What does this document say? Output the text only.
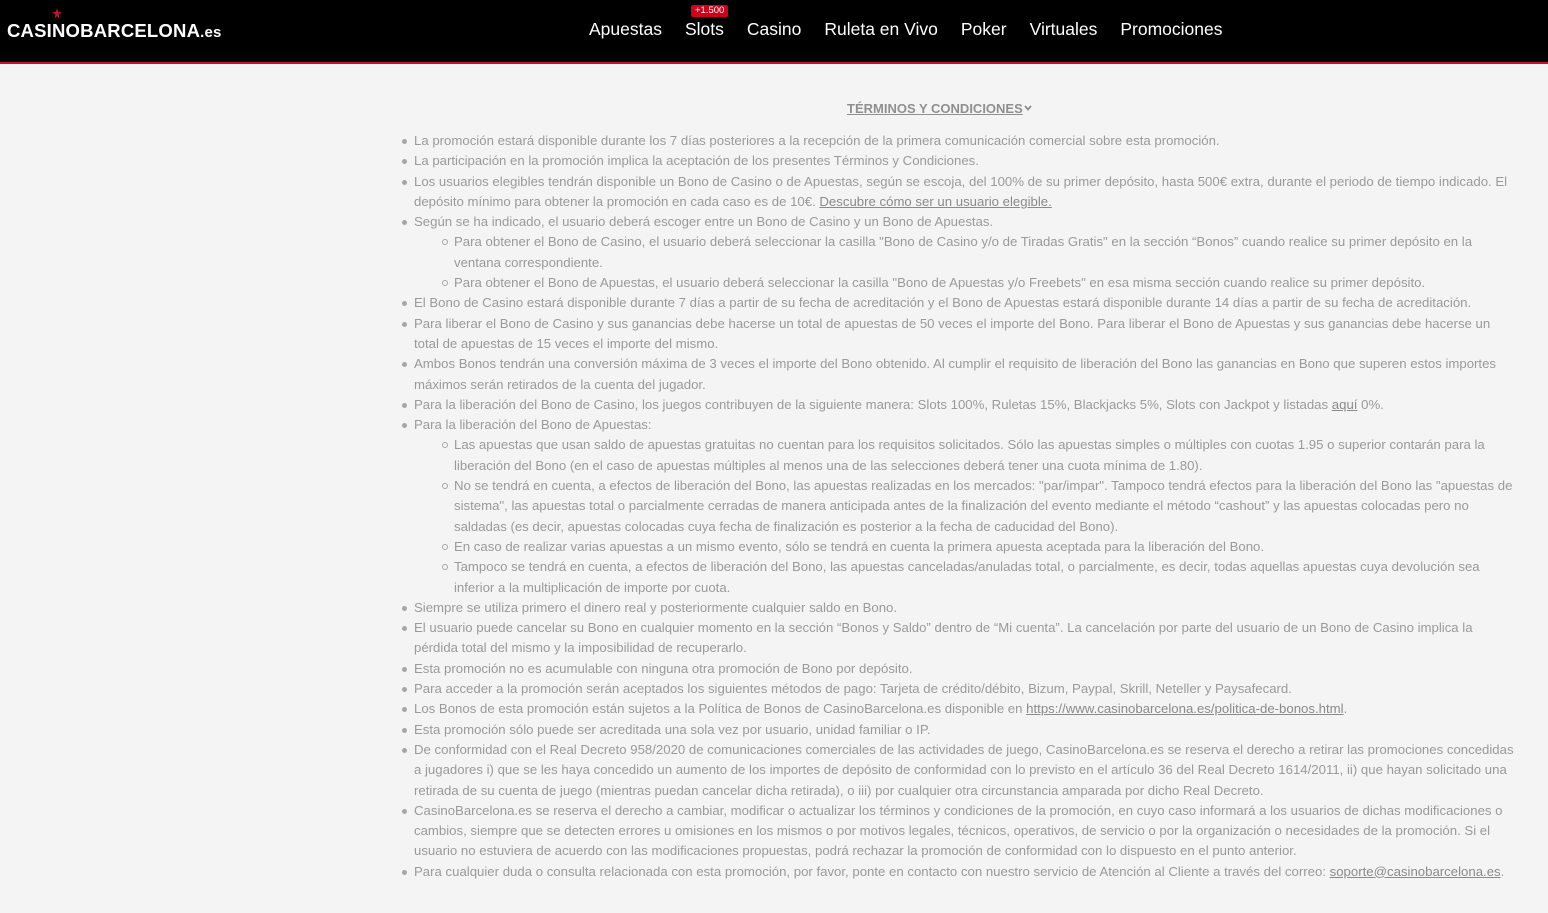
CASINOBARCELONA.es	Apuestas Slots
+1.500
Casino Ruleta en Vivo Poker Virtuales Promociones
TÉRMINOS Y CONDICIONES
La promoción estará disponible durante los 7 días posteriores a la recepción de la primera comunicación comercial sobre esta promoción.
La participación en la promoción implica la aceptación de los presentes Términos y Condiciones.
Los usuarios elegibles tendrán disponible un Bono de Casino o de Apuestas, según se escoja, del 100% de su primer depósito, hasta 500€ extra, durante el periodo de tiempo indicado. El depósito mínimo para obtener la promoción en cada caso es de 10€. Descubre cómo ser un usuario elegible.
Según se ha indicado, el usuario deberá escoger entre un Bono de Casino y un Bono de Apuestas.
Para obtener el Bono de Casino, el usuario deberá seleccionar la casilla "Bono de Casino y/o de Tiradas Gratis" en la sección “Bonos” cuando realice su primer depósito en la ventana correspondiente.
Para obtener el Bono de Apuestas, el usuario deberá seleccionar la casilla "Bono de Apuestas y/o Freebets" en esa misma sección cuando realice su primer depósito.
El Bono de Casino estará disponible durante 7 días a partir de su fecha de acreditación y el Bono de Apuestas estará disponible durante 14 días a partir de su fecha de acreditación.
Para liberar el Bono de Casino y sus ganancias debe hacerse un total de apuestas de 50 veces el importe del Bono. Para liberar el Bono de Apuestas y sus ganancias debe hacerse un total de apuestas de 15 veces el importe del mismo.
Ambos Bonos tendrán una conversión máxima de 3 veces el importe del Bono obtenido. Al cumplir el requisito de liberación del Bono las ganancias en Bono que superen estos importes máximos serán retirados de la cuenta del jugador.
Para la liberación del Bono de Casino, los juegos contribuyen de la siguiente manera: Slots 100%, Ruletas 15%, Blackjacks 5%, Slots con Jackpot y listadas aquí 0%.
Para la liberación del Bono de Apuestas:
Las apuestas que usan saldo de apuestas gratuitas no cuentan para los requisitos solicitados. Sólo las apuestas simples o múltiples con cuotas 1.95 o superior contarán para la liberación del Bono (en el caso de apuestas múltiples al menos una de las selecciones deberá tener una cuota mínima de 1.80).
No se tendrá en cuenta, a efectos de liberación del Bono, las apuestas realizadas en los mercados: "par/impar". Tampoco tendrá efectos para la liberación del Bono las "apuestas de sistema", las apuestas total o parcialmente cerradas de manera anticipada antes de la finalización del evento mediante el método “cashout” y las apuestas colocadas pero no saldadas (es decir, apuestas colocadas cuya fecha de finalización es posterior a la fecha de caducidad del Bono).
En caso de realizar varias apuestas a un mismo evento, sólo se tendrá en cuenta la primera apuesta aceptada para la liberación del Bono.
Tampoco se tendrá en cuenta, a efectos de liberación del Bono, las apuestas canceladas/anuladas total, o parcialmente, es decir, todas aquellas apuestas cuya devolución sea inferior a la multiplicación de importe por cuota.
Siempre se utiliza primero el dinero real y posteriormente cualquier saldo en Bono.
El usuario puede cancelar su Bono en cualquier momento en la sección “Bonos y Saldo” dentro de “Mi cuenta”. La cancelación por parte del usuario de un Bono de Casino implica la pérdida total del mismo y la imposibilidad de recuperarlo.
Esta promoción no es acumulable con ninguna otra promoción de Bono por depósito.
Para acceder a la promoción serán aceptados los siguientes métodos de pago: Tarjeta de crédito/débito, Bizum, Paypal, Skrill, Neteller y Paysafecard.
Los Bonos de esta promoción están sujetos a la Política de Bonos de CasinoBarcelona.es disponible en https://www.casinobarcelona.es/politica-de-bonos.html.
Esta promoción sólo puede ser acreditada una sola vez por usuario, unidad familiar o IP.
De conformidad con el Real Decreto 958/2020 de comunicaciones comerciales de las actividades de juego, CasinoBarcelona.es se reserva el derecho a retirar las promociones concedidas a jugadores i) que se les haya concedido un aumento de los importes de depósito de conformidad con lo previsto en el artículo 36 del Real Decreto 1614/2011, ii) que hayan solicitado una retirada de su cuenta de juego (mientras puedan cancelar dicha retirada), o iii) por cualquier otra circunstancia amparada por dicho Real Decreto.
CasinoBarcelona.es se reserva el derecho a cambiar, modificar o actualizar los términos y condiciones de la promoción, en cuyo caso informará a los usuarios de dichas modificaciones o cambios, siempre que se detecten errores u omisiones en los mismos o por motivos legales, técnicos, operativos, de servicio o por la organización o necesidades de la promoción. Si el usuario no estuviera de acuerdo con las modificaciones propuestas, podrá rechazar la promoción de conformidad con lo dispuesto en el punto anterior.
Para cualquier duda o consulta relacionada con esta promoción, por favor, ponte en contacto con nuestro servicio de Atención al Cliente a través del correo: soporte@casinobarcelona.es.
